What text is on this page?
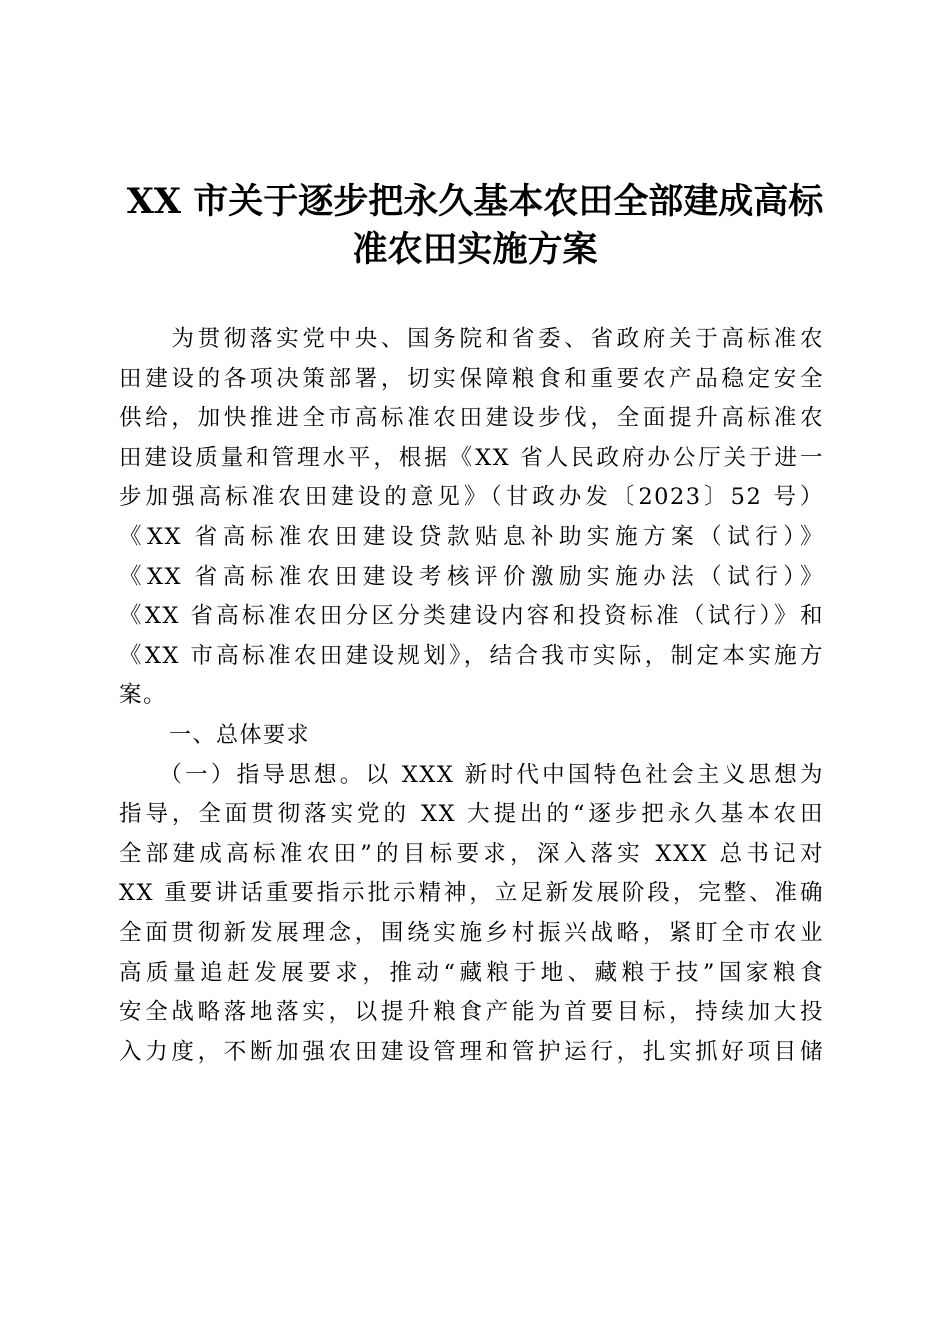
XX 市关于逐步把永久基本农田全部建成高标
准农田实施方案
　　为贯彻落实党中央、国务院和省委、省政府关于高标准农
田建设的各项决策部署，切实保障粮食和重要农产品稳定安全
供给，加快推进全市高标准农田建设步伐，全面提升高标准农
田建设质量和管理水平，根据《XX 省人民政府办公厅关于进一
步加强高标准农田建设的意见》（甘政办发〔2023〕52 号）
《XX 省高标准农田建设贷款贴息补助实施方案（试行）》
《XX 省高标准农田建设考核评价激励实施办法（试行）》
《XX 省高标准农田分区分类建设内容和投资标准（试行）》和
《XX 市高标准农田建设规划》，结合我市实际，制定本实施方
案。
一、总体要求
　　（一）指导思想。以 XXX 新时代中国特色社会主义思想为
指导，全面贯彻落实党的 XX 大提出的“逐步把永久基本农田
全部建成高标准农田”的目标要求，深入落实 XXX 总书记对
XX 重要讲话重要指示批示精神，立足新发展阶段，完整、准确
全面贯彻新发展理念，围绕实施乡村振兴战略，紧盯全市农业
高质量追赶发展要求，推动“藏粮于地、藏粮于技”国家粮食
安全战略落地落实，以提升粮食产能为首要目标，持续加大投
入力度，不断加强农田建设管理和管护运行，扎实抓好项目储
